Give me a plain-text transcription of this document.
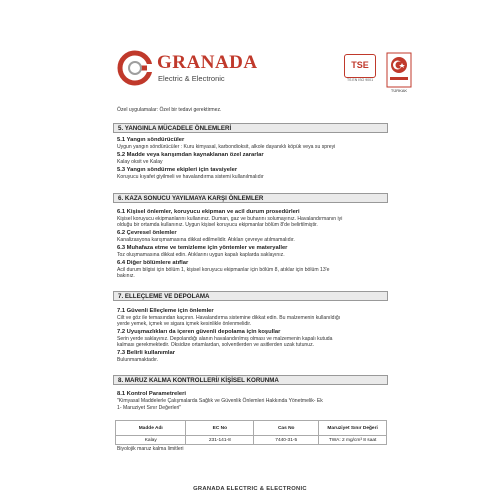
GRANADA
Electric & Electronic
TSE
TS EN ISO 9001
TÜRKAK
Özel uygulamalar: Özel bir tedavi gerektirmez.
5. YANGINLA MÜCADELE ÖNLEMLERİ
5.1 Yangın söndürücüler
Uygun yangın söndürücüler : Kuru kimyasal, karbondioksit, alkole dayanıklı köpük veya su spreyi
5.2 Madde veya karışımdan kaynaklanan özel zararlar
Kalay oksit ve Kalay
5.3 Yangın söndürme ekipleri için tavsiyeler
Koruyucu kıyafet giyilmeli ve havalandırma sistemi kullanılmalıdır
6. KAZA SONUCU YAYILMAYA KARŞI ÖNLEMLER
6.1 Kişisel önlemler, koruyucu ekipman ve acil durum prosedürleri
Kişisel koruyucu ekipmanlarını kullanınız. Duman, gaz ve buharını solumayınız. Havalandırmanın iyi
olduğu bir ortamda kullanınız. Uygun kişisel koruyucu ekipmanlar bölüm 8'de belirtilmiştir.
6.2 Çevresel önlemler
Kanalizasyona karışmamasına dikkat edilmelidir. Atıkları çevreye atılmamalıdır.
6.3 Muhafaza etme ve temizleme için yöntemler ve materyaller
Toz oluşmamasına dikkat edin. Atıklarını uygun kapalı kaplarda saklayınız.
6.4 Diğer bölümlere atıflar
Acil durum bilgisi için bölüm 1, kişisel koruyucu ekipmanlar için bölüm 8, atıklar için bölüm 13'e
bakınız.
7. ELLEÇLEME VE DEPOLAMA
7.1 Güvenli Elleçleme için önlemler
Cilt ve göz ile temasından kaçının. Havalandırma sistemine dikkat edin. Bu malzemenin kullanıldığı
yerde yemek, içmek ve sigara içmek kesinlikle önlenmelidir.
7.2 Uyuşmazlıkları da içeren güvenli depolama için koşullar
Serin yerde saklayınız. Depolandığı alanın havalandırılmış olması ve malzemenin kapalı kutuda
kalması gerekmektedir. Oksidize ortamlardan, solventlerden ve asitlerden uzak tutunuz.
7.3 Belirli kullanımlar
Bulunmamaktadır.
8. MARUZ KALMA KONTROLLERİ/ KİŞİSEL KORUNMA
8.1 Kontrol Parametreleri
"Kimyasal Maddelerle Çalışmalarda Sağlık ve Güvenlik Önlemleri Hakkında Yönetmelik- Ek
1- Maruziyet Sınır Değerleri"
Madde Adı	EC No	Cas No	Maruziyet Sınır Değeri
Kalay	231-141-8	7440-31-5	TWA: 2 mg/cm³ 8 saat
Biyolojik maruz kalma limitleri
GRANADA ELECTRIC & ELECTRONIC
